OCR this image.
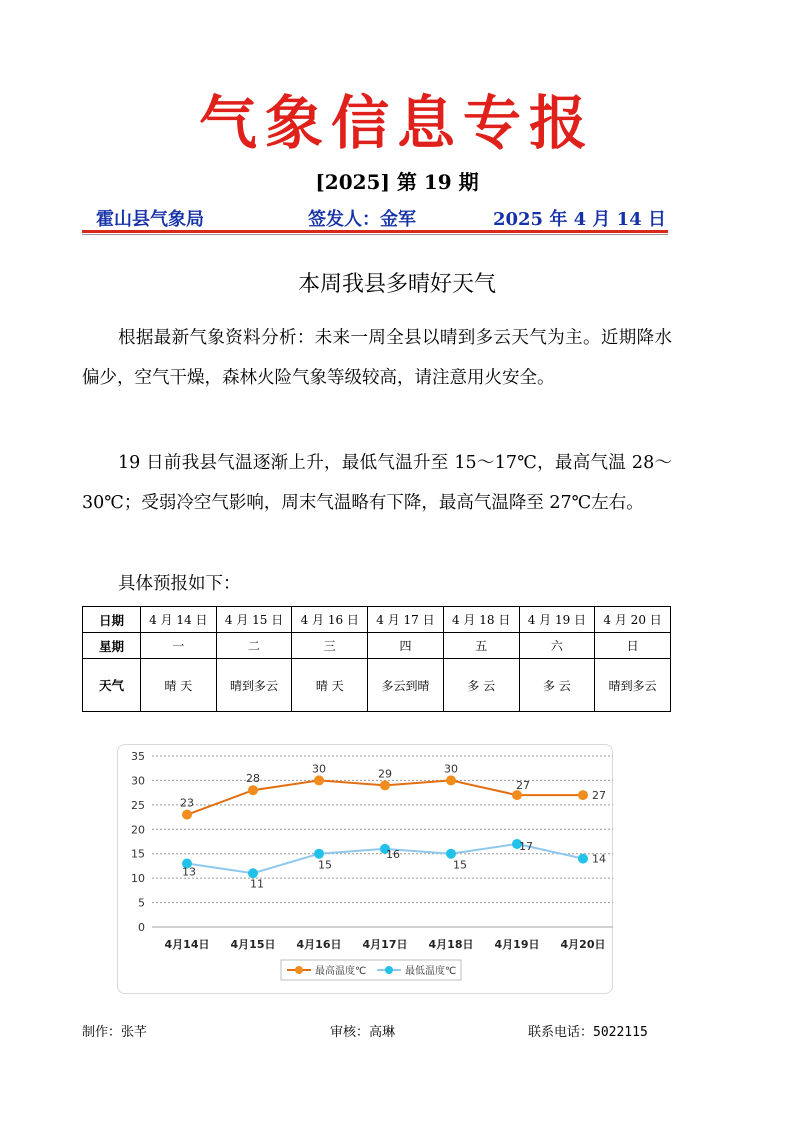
气象信息专报
[2025] 第 19 期
霍山县气象局	签发人：金军	2025 年 4 月 14 日
本周我县多晴好天气
根据最新气象资料分析：未来一周全县以晴到多云天气为主。近期降水偏少，空气干燥，森林火险气象等级较高，请注意用火安全。
19 日前我县气温逐渐上升，最低气温升至 15～17℃，最高气温 28～30℃；受弱冷空气影响，周末气温略有下降，最高气温降至 27℃左右。
具体预报如下：
日期	4 月 14 日	4 月 15 日	4 月 16 日	4 月 17 日	4 月 18 日	4 月 19 日	4 月 20 日
星期	一	二	三	四	五	六	日
天气	晴 天	晴到多云	晴 天	多云到晴	多 云	多 云	晴到多云
0
5
10
15
20
25
30
35
4月14日 4月15日 4月16日 4月17日 4月18日 4月19日 4月20日
23
28
30	29	30
27
27
13
11
15
16
15
17
14
最高温度℃	最低温度℃
制作：张芊	审核：高琳	联系电话：5022115
